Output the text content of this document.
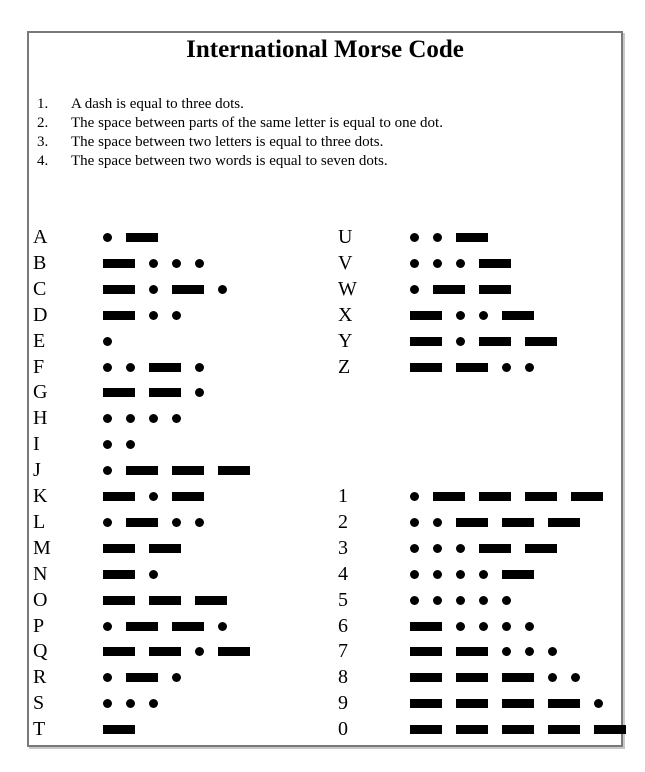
International Morse Code
1. A dash is equal to three dots.
2. The space between parts of the same letter is equal to one dot.
3. The space between two letters is equal to three dots.
4. The space between two words is equal to seven dots.
A
B
C
D
E
F
G
H
I
J
K
L
M
N
O
P
Q
R
S
T
U
V
W
X
Y
Z
1
2
3
4
5
6
7
8
9
0
